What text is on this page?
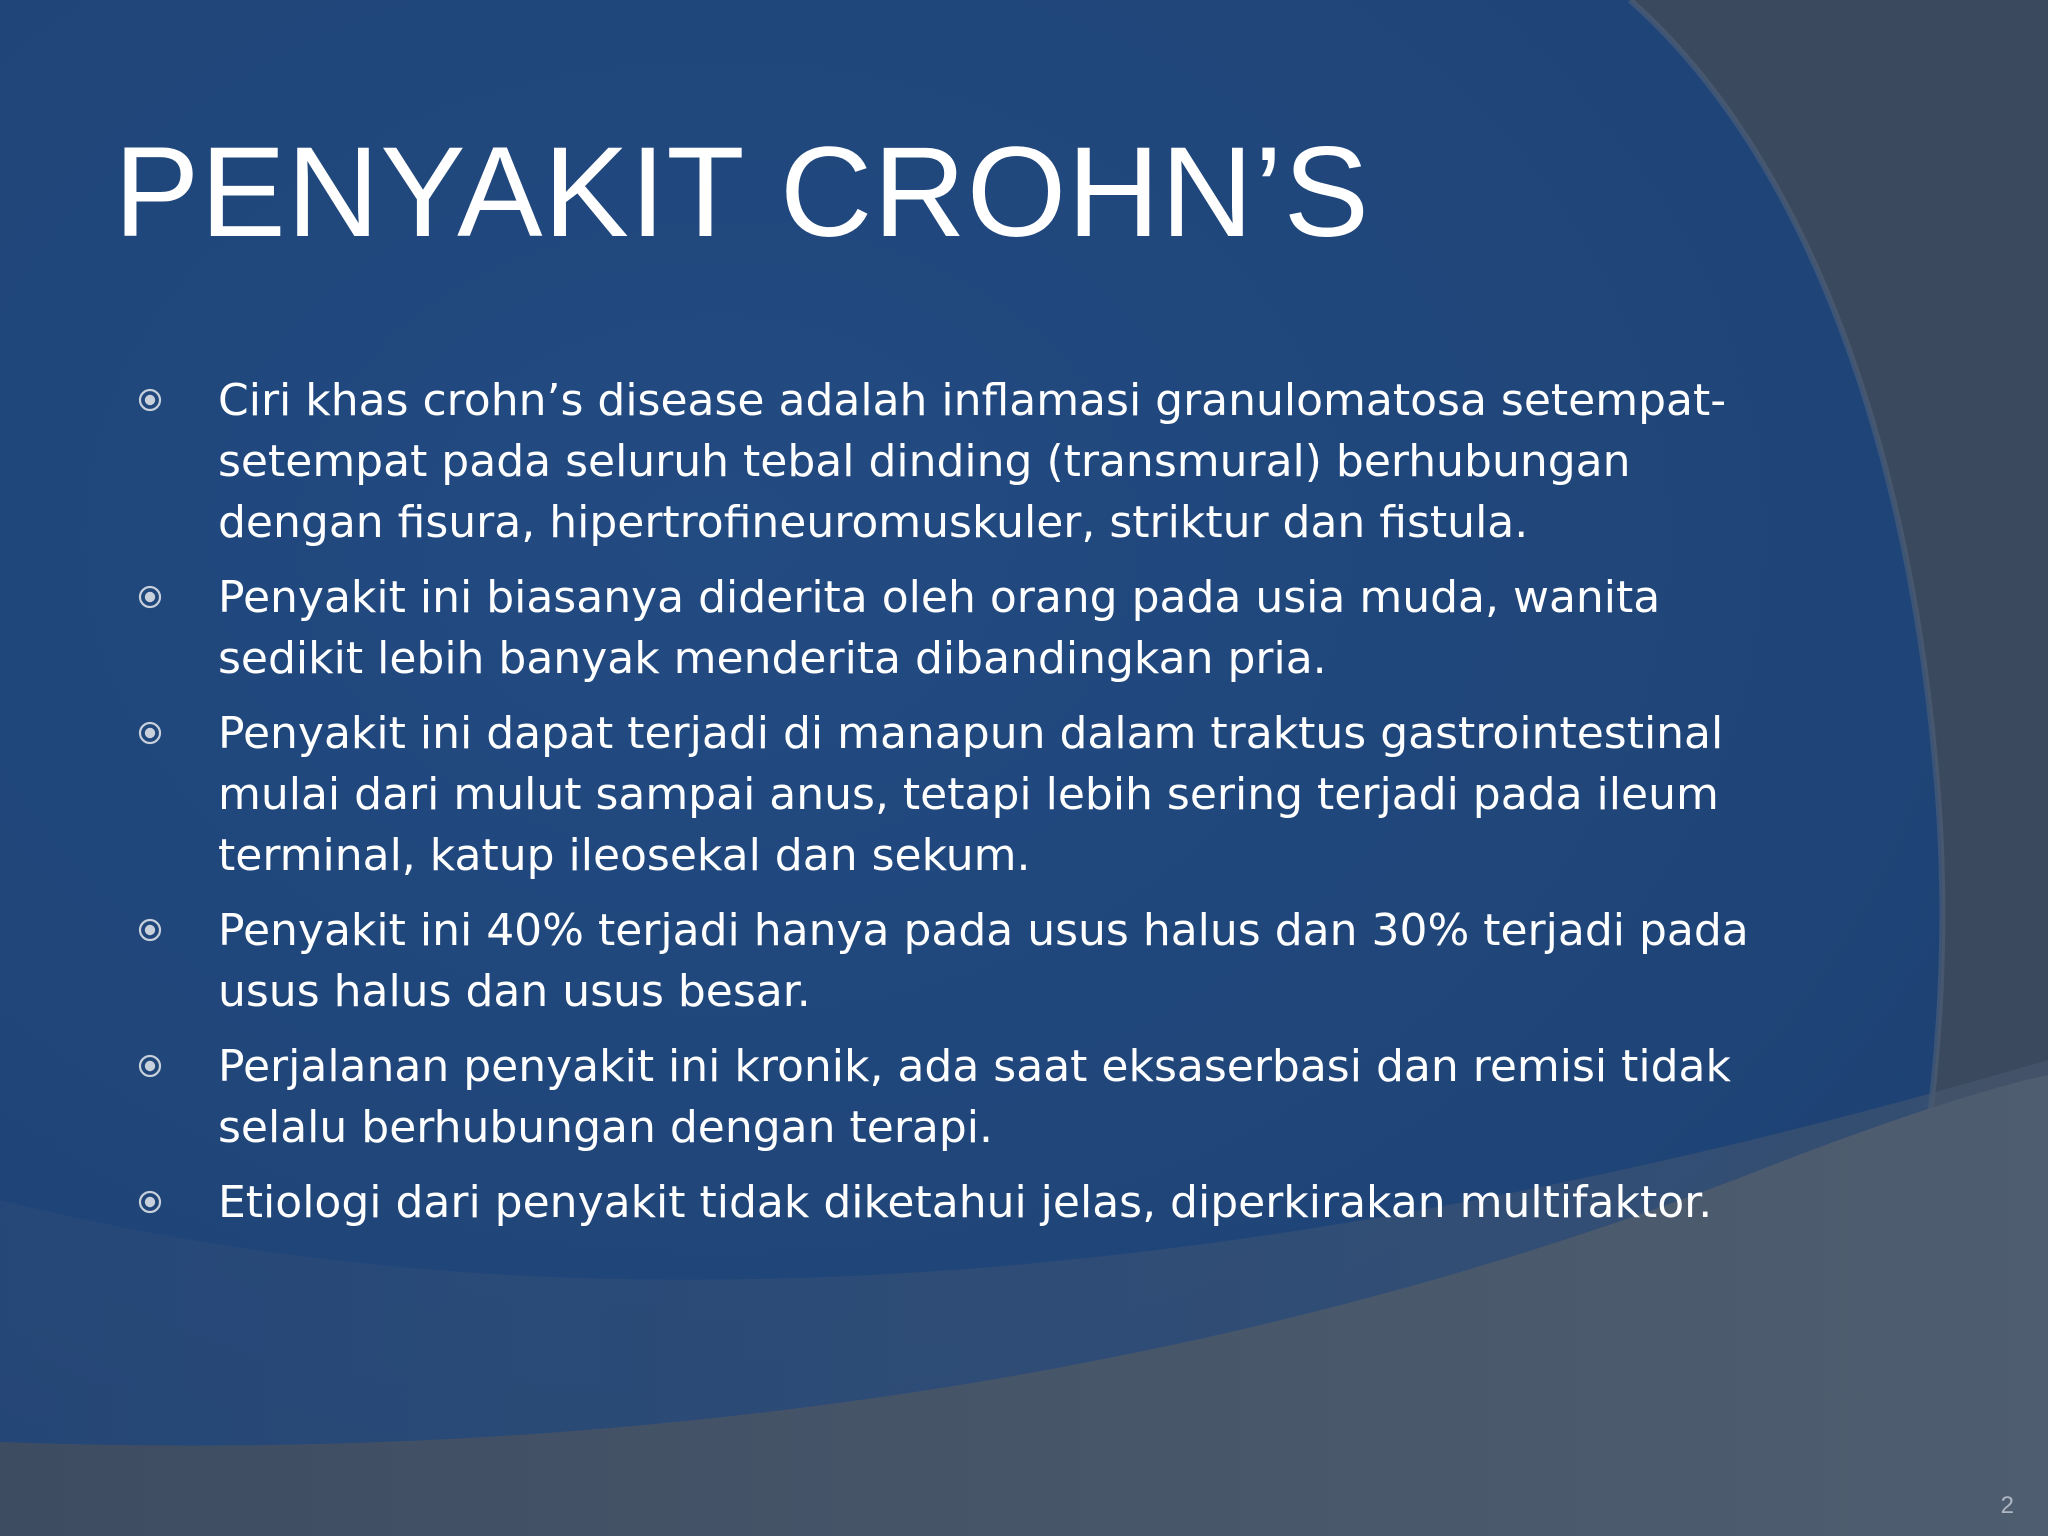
PENYAKIT CROHN’S
Ciri khas crohn’s disease adalah inflamasi granulomatosa setempat-setempat pada seluruh tebal dinding (transmural) berhubungan dengan fisura, hipertrofineuromuskuler, striktur dan fistula.
Penyakit ini biasanya diderita oleh orang pada usia muda, wanita sedikit lebih banyak menderita dibandingkan pria.
Penyakit ini dapat terjadi di manapun dalam traktus gastrointestinal mulai dari mulut sampai anus, tetapi lebih sering terjadi pada ileum terminal, katup ileosekal dan sekum.
Penyakit ini 40% terjadi hanya pada usus halus dan 30% terjadi pada usus halus dan usus besar.
Perjalanan penyakit ini kronik, ada saat eksaserbasi dan remisi tidak selalu berhubungan dengan terapi.
Etiologi dari penyakit tidak diketahui jelas, diperkirakan multifaktor.
2
